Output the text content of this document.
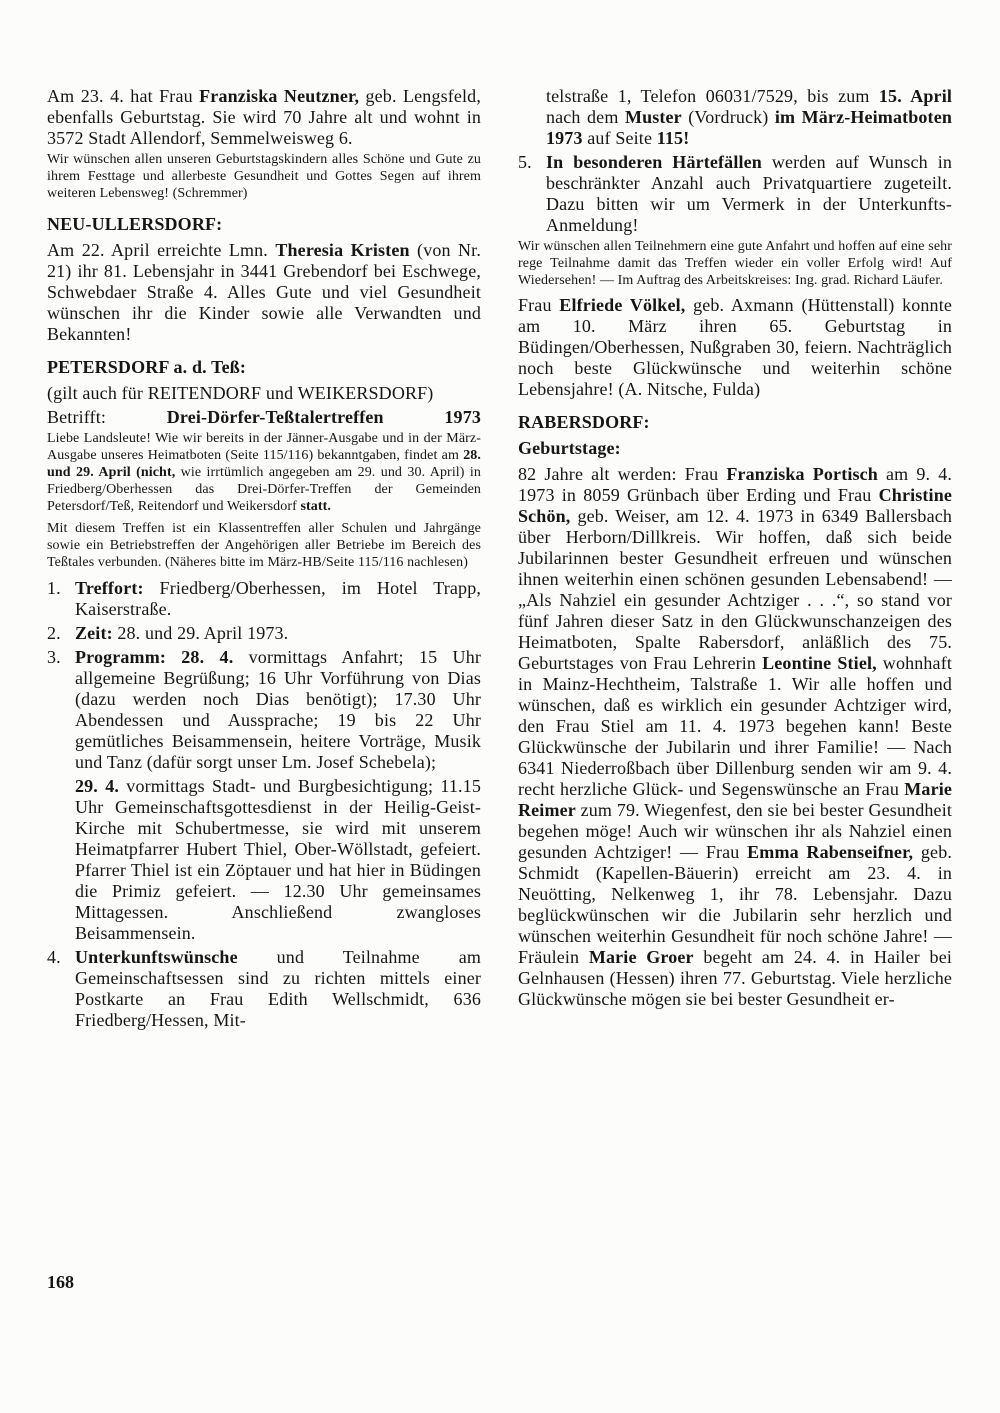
Am 23. 4. hat Frau Franziska Neutzner, geb. Lengsfeld, ebenfalls Geburtstag. Sie wird 70 Jahre alt und wohnt in 3572 Stadt Allendorf, Semmelweisweg 6.
Wir wünschen allen unseren Geburtstagskindern alles Schöne und Gute zu ihrem Festtage und allerbeste Gesundheit und Gottes Segen auf ihrem weiteren Lebensweg! (Schremmer)
NEU-ULLERSDORF:
Am 22. April erreichte Lmn. Theresia Kristen (von Nr. 21) ihr 81. Lebensjahr in 3441 Grebendorf bei Eschwege, Schwebdaer Straße 4. Alles Gute und viel Gesundheit wünschen ihr die Kinder sowie alle Verwandten und Bekannten!
PETERSDORF a. d. Teß:
(gilt auch für REITENDORF und WEIKERSDORF)
Betrifft: Drei-Dörfer-Teßtalertreffen 1973
Liebe Landsleute! Wie wir bereits in der Jänner-Ausgabe und in der März-Ausgabe unseres Heimatboten (Seite 115/116) bekanntgaben, findet am 28. und 29. April (nicht, wie irrtümlich angegeben am 29. und 30. April) in Friedberg/Oberhessen das Drei-Dörfer-Treffen der Gemeinden Petersdorf/Teß, Reitendorf und Weikersdorf statt.
Mit diesem Treffen ist ein Klassentreffen aller Schulen und Jahrgänge sowie ein Betriebstreffen der Angehörigen aller Betriebe im Bereich des Teßtales verbunden. (Näheres bitte im März-HB/Seite 115/116 nachlesen)
1. Treffort: Friedberg/Oberhessen, im Hotel Trapp, Kaiserstraße.
2. Zeit: 28. und 29. April 1973.
3. Programm: 28. 4. vormittags Anfahrt; 15 Uhr allgemeine Begrüßung; 16 Uhr Vorführung von Dias (dazu werden noch Dias benötigt); 17.30 Uhr Abendessen und Aussprache; 19 bis 22 Uhr gemütliches Beisammensein, heitere Vorträge, Musik und Tanz (dafür sorgt unser Lm. Josef Schebela);
29. 4. vormittags Stadt- und Burgbesichtigung; 11.15 Uhr Gemeinschaftsgottesdienst in der Heilig-Geist-Kirche mit Schubertmesse, sie wird mit unserem Heimatpfarrer Hubert Thiel, Ober-Wöllstadt, gefeiert. Pfarrer Thiel ist ein Zöptauer und hat hier in Büdingen die Primiz gefeiert. — 12.30 Uhr gemeinsames Mittagessen. Anschließend zwangloses Beisammensein.
4. Unterkunftswünsche und Teilnahme am Gemeinschaftsessen sind zu richten mittels einer Postkarte an Frau Edith Wellschmidt, 636 Friedberg/Hessen, Mit-
telstraße 1, Telefon 06031/7529, bis zum 15. April nach dem Muster (Vordruck) im März-Heimatboten 1973 auf Seite 115!
5. In besonderen Härtefällen werden auf Wunsch in beschränkter Anzahl auch Privatquartiere zugeteilt. Dazu bitten wir um Vermerk in der Unterkunfts-Anmeldung!
Wir wünschen allen Teilnehmern eine gute Anfahrt und hoffen auf eine sehr rege Teilnahme damit das Treffen wieder ein voller Erfolg wird! Auf Wiedersehen! — Im Auftrag des Arbeitskreises: Ing. grad. Richard Läufer.
Frau Elfriede Völkel, geb. Axmann (Hüttenstall) konnte am 10. März ihren 65. Geburtstag in Büdingen/Oberhessen, Nußgraben 30, feiern. Nachträglich noch beste Glückwünsche und weiterhin schöne Lebensjahre! (A. Nitsche, Fulda)
RABERSDORF:
Geburtstage:
82 Jahre alt werden: Frau Franziska Portisch am 9. 4. 1973 in 8059 Grünbach über Erding und Frau Christine Schön, geb. Weiser, am 12. 4. 1973 in 6349 Ballersbach über Herborn/Dillkreis. Wir hoffen, daß sich beide Jubilarinnen bester Gesundheit erfreuen und wünschen ihnen weiterhin einen schönen gesunden Lebensabend! — „Als Nahziel ein gesunder Achtziger . . .“, so stand vor fünf Jahren dieser Satz in den Glückwunschanzeigen des Heimatboten, Spalte Rabersdorf, anläßlich des 75. Geburtstages von Frau Lehrerin Leontine Stiel, wohnhaft in Mainz-Hechtheim, Talstraße 1. Wir alle hoffen und wünschen, daß es wirklich ein gesunder Achtziger wird, den Frau Stiel am 11. 4. 1973 begehen kann! Beste Glückwünsche der Jubilarin und ihrer Familie! — Nach 6341 Niederroßbach über Dillenburg senden wir am 9. 4. recht herzliche Glück- und Segenswünsche an Frau Marie Reimer zum 79. Wiegenfest, den sie bei bester Gesundheit begehen möge! Auch wir wünschen ihr als Nahziel einen gesunden Achtziger! — Frau Emma Rabenseifner, geb. Schmidt (Kapellen-Bäuerin) erreicht am 23. 4. in Neuötting, Nelkenweg 1, ihr 78. Lebensjahr. Dazu beglückwünschen wir die Jubilarin sehr herzlich und wünschen weiterhin Gesundheit für noch schöne Jahre! — Fräulein Marie Groer begeht am 24. 4. in Hailer bei Gelnhausen (Hessen) ihren 77. Geburtstag. Viele herzliche Glückwünsche mögen sie bei bester Gesundheit er-
168
